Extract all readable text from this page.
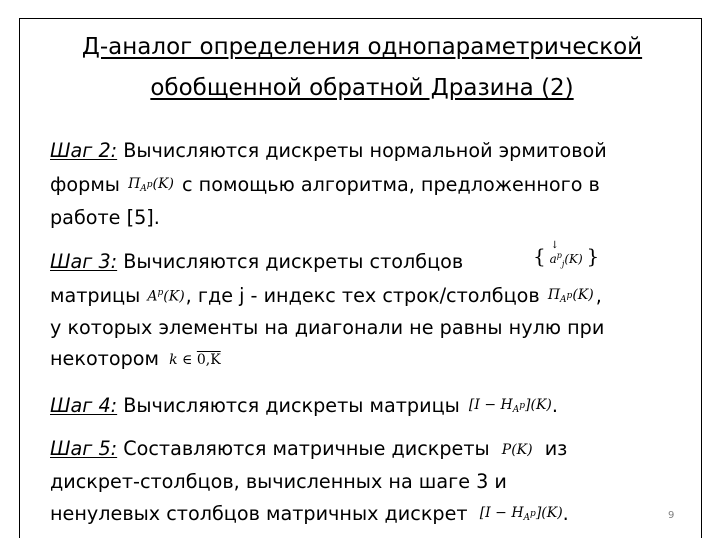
Д-аналог определения однопараметрической
обобщенной обратной Дразина (2)
Шаг 2: Вычисляются дискреты нормальной эрмитовой
формы $\Pi_{A^p}(K)$ с помощью алгоритма, предложенного в
работе [5].
Шаг 3: Вычисляются дискреты столбцов	{ a
↓
$^p_j$(K) }
матрицы $A^p(K)$, где j - индекс тех строк/столбцов $\Pi_{A^p}(K)$ ,
у которых элементы на диагонали не равны нулю при
некотором k ∈ 0,K
Шаг 4: Вычисляются дискреты матрицы $[I - H_{A^p}](K)$.
Шаг 5: Составляются матричные дискреты P(K) из
дискрет-столбцов, вычисленных на шаге 3 и
ненулевых столбцов матричных дискрет $[I - H_{A^p}](K)$.	9
